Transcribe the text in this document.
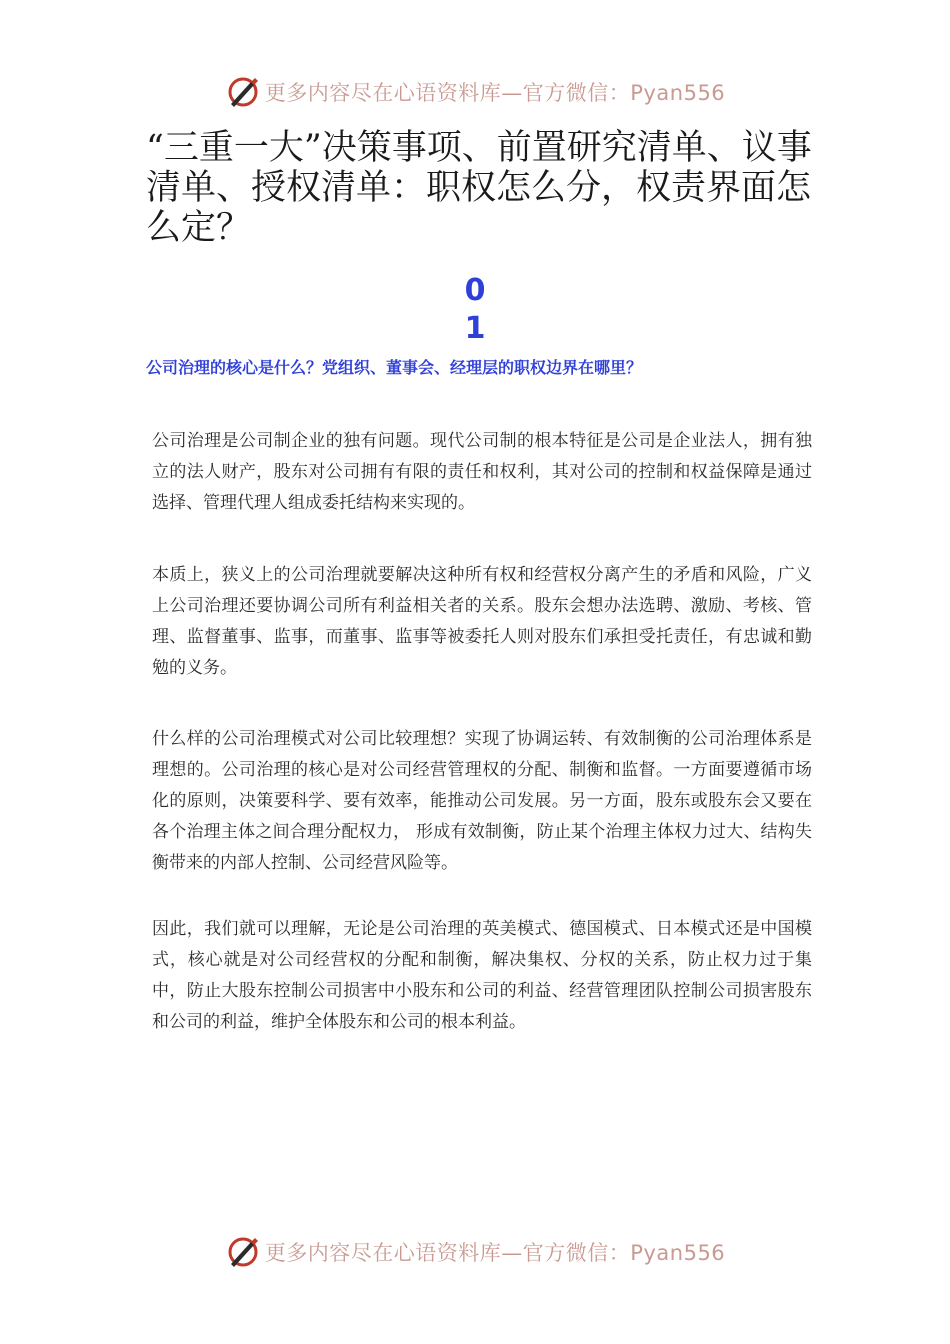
更多内容尽在心语资料库—官方微信：Pyan556
“三重一大”决策事项、前置研究清单、议事清单、授权清单：职权怎么分，权责界面怎么定？
0
1
公司治理的核心是什么？党组织、董事会、经理层的职权边界在哪里？

公司治理是公司制企业的独有问题。现代公司制的根本特征是公司是企业法人，拥有独立的法人财产，股东对公司拥有有限的责任和权利，其对公司的控制和权益保障是通过选择、管理代理人组成委托结构来实现的。

本质上，狭义上的公司治理就要解决这种所有权和经营权分离产生的矛盾和风险，广义上公司治理还要协调公司所有利益相关者的关系。股东会想办法选聘、激励、考核、管理、监督董事、监事，而董事、监事等被委托人则对股东们承担受托责任，有忠诚和勤勉的义务。

什么样的公司治理模式对公司比较理想？实现了协调运转、有效制衡的公司治理体系是理想的。公司治理的核心是对公司经营管理权的分配、制衡和监督。一方面要遵循市场化的原则，决策要科学、要有效率，能推动公司发展。另一方面，股东或股东会又要在各个治理主体之间合理分配权力， 形成有效制衡，防止某个治理主体权力过大、结构失衡带来的内部人控制、公司经营风险等。

因此，我们就可以理解，无论是公司治理的英美模式、德国模式、日本模式还是中国模式，核心就是对公司经营权的分配和制衡，解决集权、分权的关系，防止权力过于集中，防止大股东控制公司损害中小股东和公司的利益、经营管理团队控制公司损害股东和公司的利益，维护全体股东和公司的根本利益。

更多内容尽在心语资料库—官方微信：Pyan556
